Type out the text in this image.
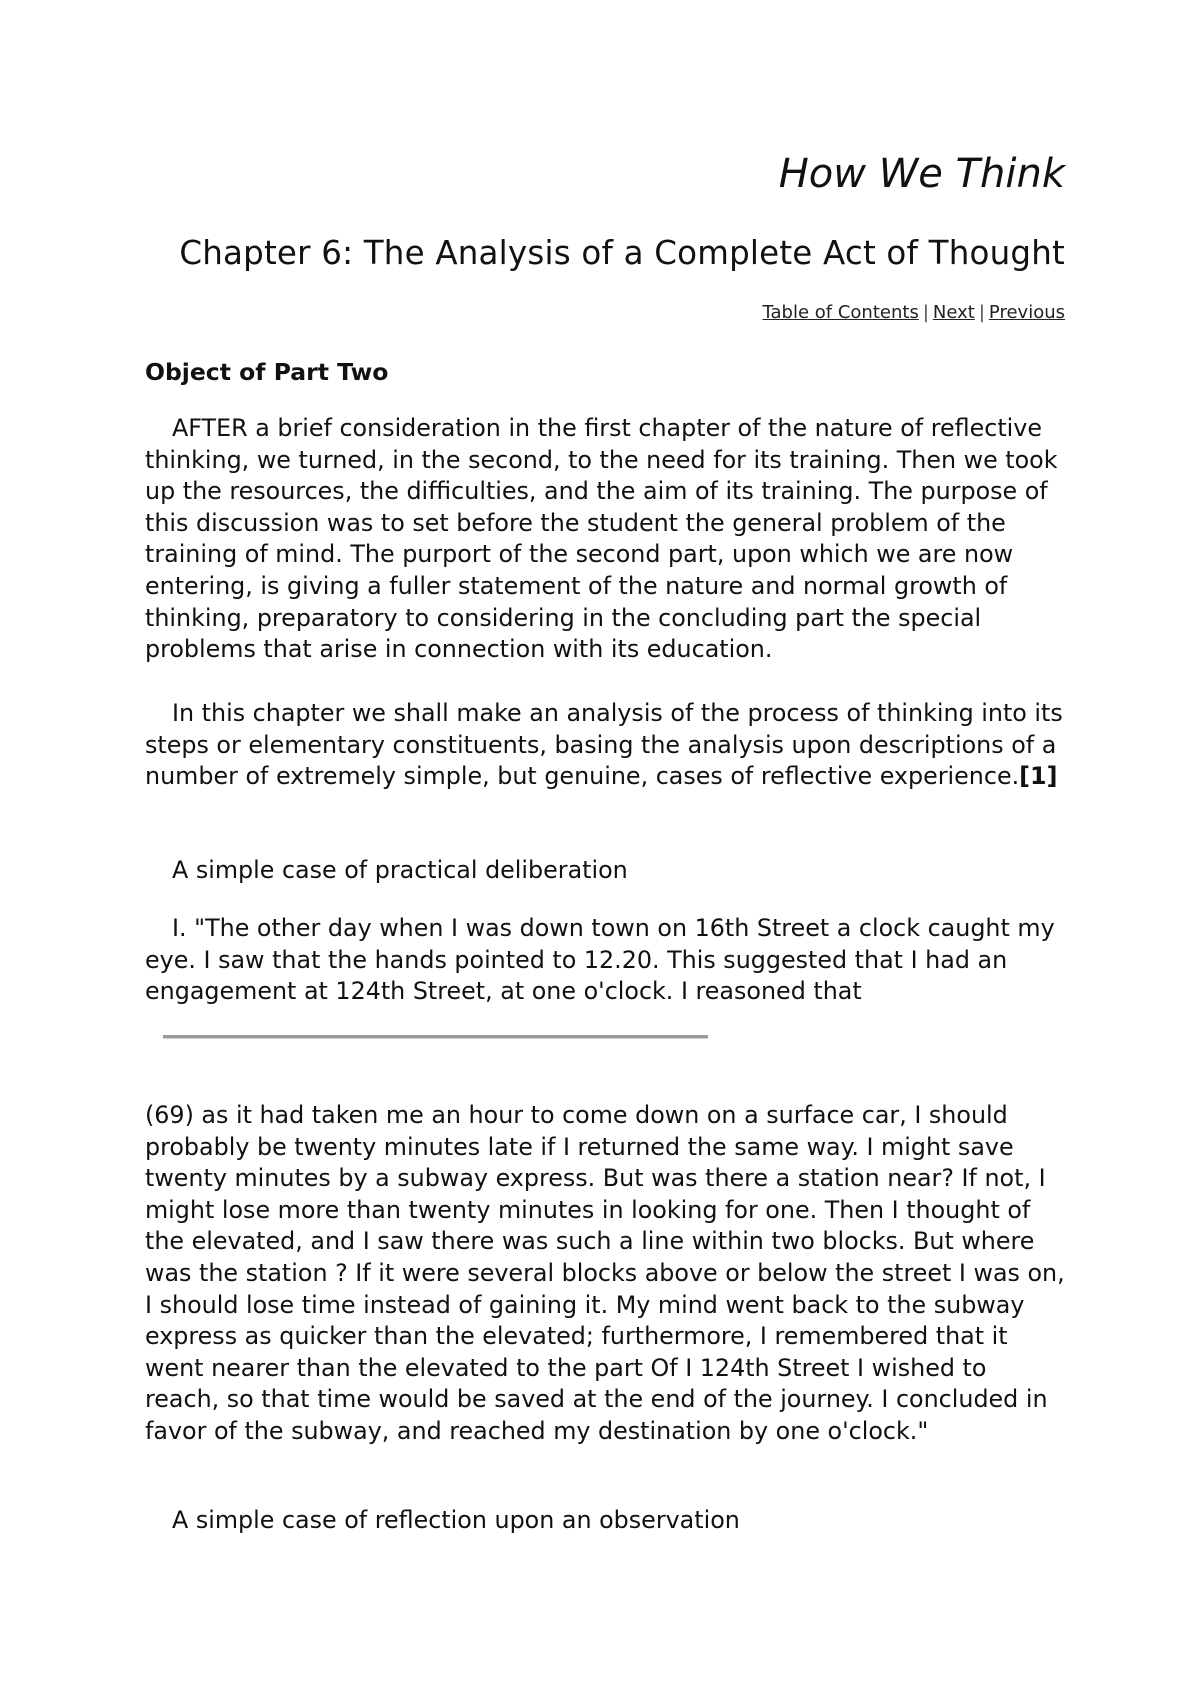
How We Think
Chapter 6: The Analysis of a Complete Act of Thought
Table of Contents | Next | Previous
Object of Part Two

AFTER a brief consideration in the first chapter of the nature of reflective thinking, we turned, in the second, to the need for its training. Then we took up the resources, the difficulties, and the aim of its training. The purpose of this discussion was to set before the student the general problem of the training of mind. The purport of the second part, upon which we are now entering, is giving a fuller statement of the nature and normal growth of thinking, preparatory to considering in the concluding part the special problems that arise in connection with its education.

In this chapter we shall make an analysis of the process of thinking into its steps or elementary constituents, basing the analysis upon descriptions of a number of extremely simple, but genuine, cases of reflective experience.[1]

A simple case of practical deliberation

I. "The other day when I was down town on 16th Street a clock caught my eye. I saw that the hands pointed to 12.20. This suggested that I had an engagement at 124th Street, at one o'clock. I reasoned that

(69) as it had taken me an hour to come down on a surface car, I should probably be twenty minutes late if I returned the same way. I might save twenty minutes by a subway express. But was there a station near? If not, I might lose more than twenty minutes in looking for one. Then I thought of the elevated, and I saw there was such a line within two blocks. But where was the station ? If it were several blocks above or below the street I was on, I should lose time instead of gaining it. My mind went back to the subway express as quicker than the elevated; furthermore, I remembered that it went nearer than the elevated to the part Of I 124th Street I wished to reach, so that time would be saved at the end of the journey. I concluded in favor of the subway, and reached my destination by one o'clock."

A simple case of reflection upon an observation
